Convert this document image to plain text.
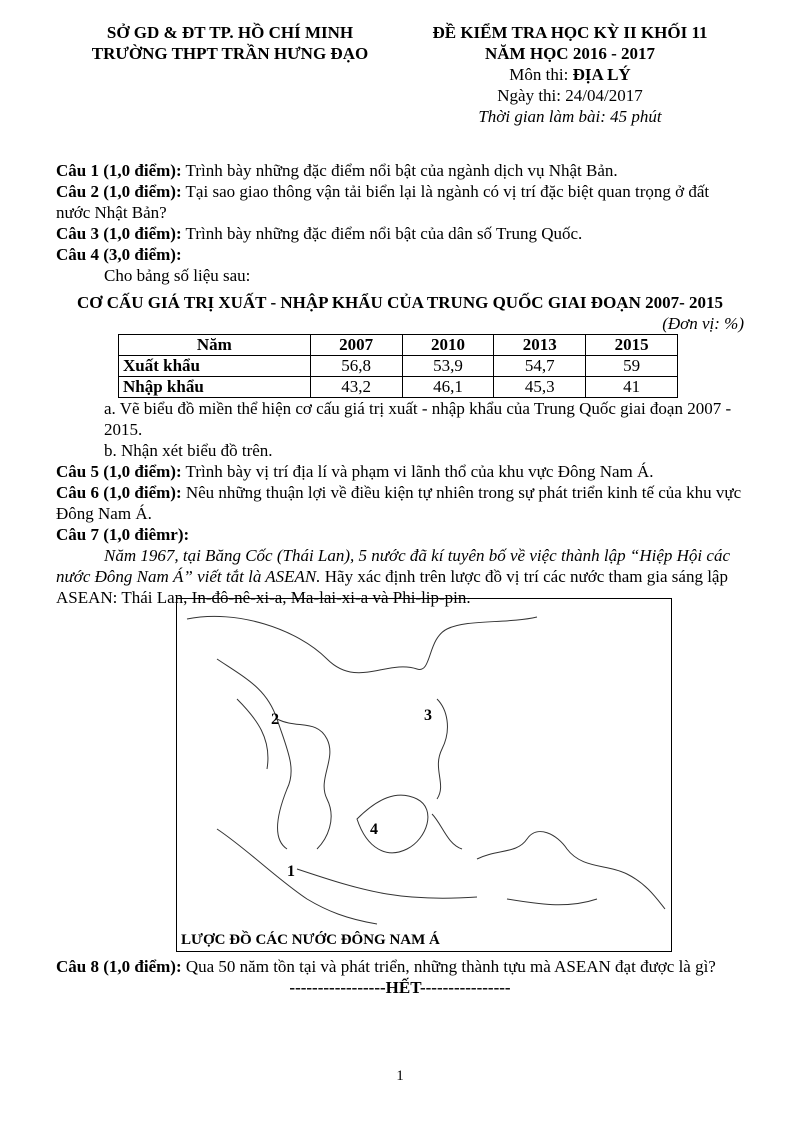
SỞ GD & ĐT TP. HỒ CHÍ MINH
TRƯỜNG THPT TRẦN HƯNG ĐẠO
ĐỀ KIỂM TRA HỌC KỲ II KHỐI 11
NĂM HỌC 2016 - 2017
Môn thi: ĐỊA LÝ
Ngày thi: 24/04/2017
Thời gian làm bài: 45 phút

Câu 1 (1,0 điểm): Trình bày những đặc điểm nổi bật của ngành dịch vụ Nhật Bản.

Câu 2 (1,0 điểm): Tại sao giao thông vận tải biển lại là ngành có vị trí đặc biệt quan trọng ở đất nước Nhật Bản?

Câu 3 (1,0 điểm): Trình bày những đặc điểm nổi bật của dân số Trung Quốc.

Câu 4 (3,0 điểm):

Cho bảng số liệu sau:

CƠ CẤU GIÁ TRỊ XUẤT - NHẬP KHẨU CỦA TRUNG QUỐC GIAI ĐOẠN 2007- 2015
(Đơn vị: %)
Năm	2007	2010	2013	2015
Xuất khẩu	56,8	53,9	54,7	59
Nhập khẩu	43,2	46,1	45,3	41

a. Vẽ biểu đồ miền thể hiện cơ cấu giá trị xuất - nhập khẩu của Trung Quốc giai đoạn 2007 - 2015.

b. Nhận xét biểu đồ trên.

Câu 5 (1,0 điểm): Trình bày vị trí địa lí và phạm vi lãnh thổ của khu vực Đông Nam Á.

Câu 6 (1,0 điểm): Nêu những thuận lợi về điều kiện tự nhiên trong sự phát triển kinh tế của khu vực Đông Nam Á.

Câu 7 (1,0 điêmr):

Năm 1967, tại Băng Cốc (Thái Lan), 5 nước đã kí tuyên bố về việc thành lập “Hiệp Hội các nước Đông Nam Á” viết tắt là ASEAN. Hãy xác định trên lược đồ vị trí các nước tham gia sáng lập ASEAN: Thái Lan, In-đô-nê-xi-a, Ma-lai-xi-a và Phi-lip-pin.

2	3
4
1
LƯỢC ĐỒ CÁC NƯỚC ĐÔNG NAM Á

Câu 8 (1,0 điểm): Qua 50 năm tồn tại và phát triển, những thành tựu mà ASEAN đạt được là gì?

-----------------HẾT----------------
1
